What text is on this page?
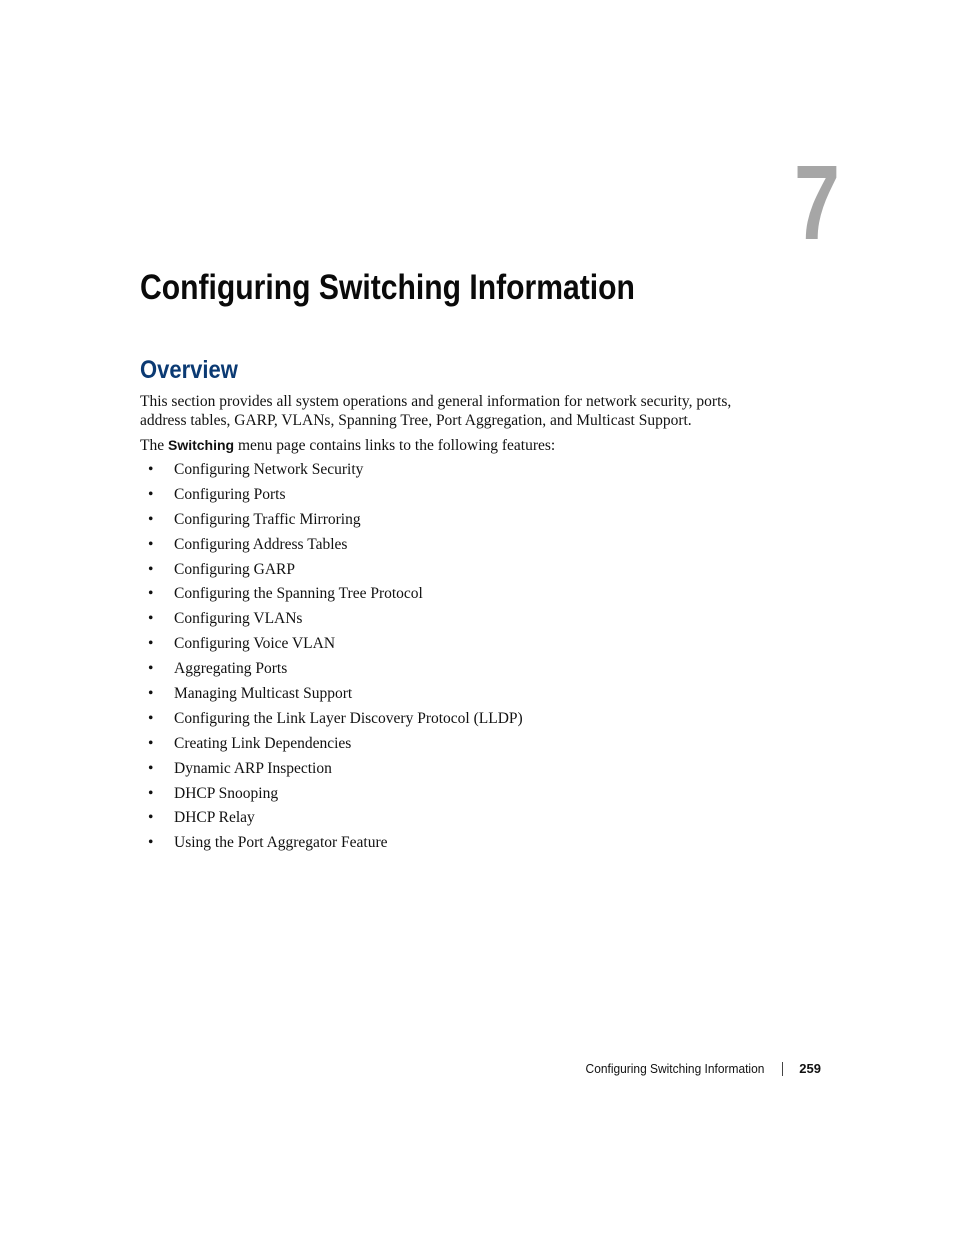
7
Configuring Switching Information
Overview

This section provides all system operations and general information for network security, ports, address tables, GARP, VLANs, Spanning Tree, Port Aggregation, and Multicast Support.

The Switching menu page contains links to the following features:

• Configuring Network Security
• Configuring Ports
• Configuring Traffic Mirroring
• Configuring Address Tables
• Configuring GARP
• Configuring the Spanning Tree Protocol
• Configuring VLANs
• Configuring Voice VLAN
• Aggregating Ports
• Managing Multicast Support
• Configuring the Link Layer Discovery Protocol (LLDP)
• Creating Link Dependencies
• Dynamic ARP Inspection
• DHCP Snooping
• DHCP Relay
• Using the Port Aggregator Feature
Configuring Switching Information	259
